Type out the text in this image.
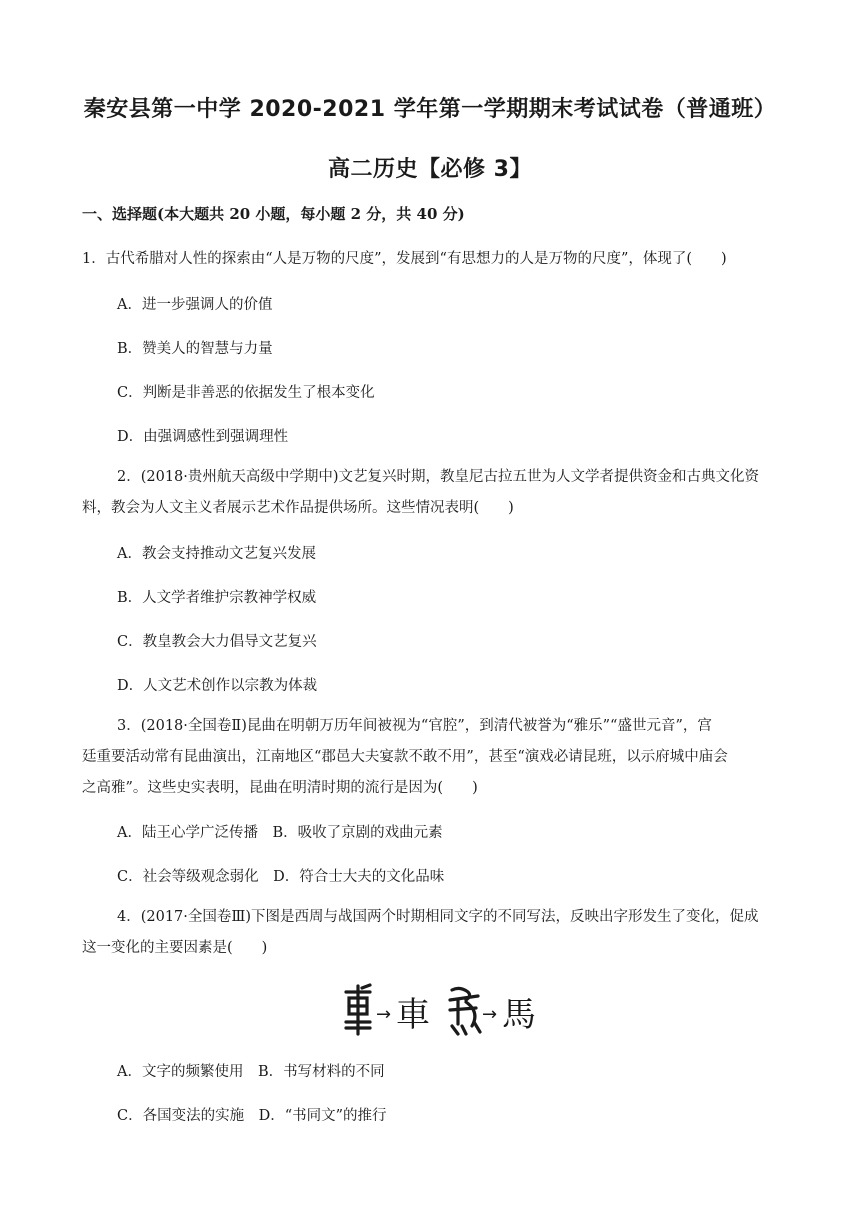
秦安县第一中学 2020-2021 学年第一学期期末考试试卷（普通班）
高二历史【必修 3】
一、选择题(本大题共 20 小题，每小题 2 分，共 40 分)
1．古代希腊对人性的探索由“人是万物的尺度”，发展到“有思想力的人是万物的尺度”，体现了(　　)
A．进一步强调人的价值
B．赞美人的智慧与力量
C．判断是非善恶的依据发生了根本变化
D．由强调感性到强调理性
2．(2018·贵州航天高级中学期中)文艺复兴时期，教皇尼古拉五世为人文学者提供资金和古典文化资
料，教会为人文主义者展示艺术作品提供场所。这些情况表明(　　)
A．教会支持推动文艺复兴发展
B．人文学者维护宗教神学权威
C．教皇教会大力倡导文艺复兴
D．人文艺术创作以宗教为体裁
3．(2018·全国卷Ⅱ)昆曲在明朝万历年间被视为“官腔”，到清代被誉为“雅乐”“盛世元音”，宫
廷重要活动常有昆曲演出，江南地区“郡邑大夫宴款不敢不用”，甚至“演戏必请昆班，以示府城中庙会
之高雅”。这些史实表明，昆曲在明清时期的流行是因为(　　)
A．陆王心学广泛传播　B．吸收了京剧的戏曲元素
C．社会等级观念弱化　D．符合士大夫的文化品味
4．(2017·全国卷Ⅲ)下图是西周与战国两个时期相同文字的不同写法，反映出字形发生了变化，促成
这一变化的主要因素是(　　)
→ 車	→ 馬
A．文字的频繁使用　B．书写材料的不同
C．各国变法的实施　D．“书同文”的推行
